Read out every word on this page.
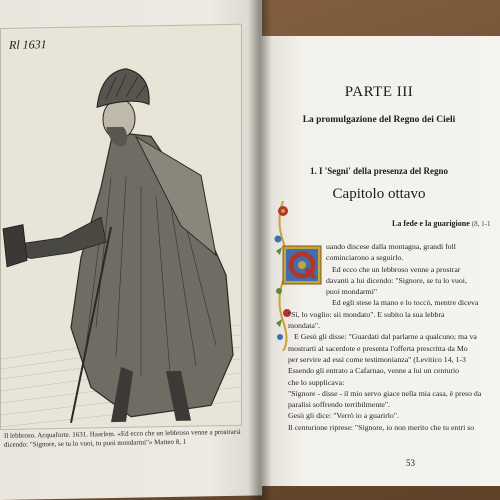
Rl 1631
Il lebbroso. Acquaforte. 1631. Haarlem. «Ed ecco che un lebbroso venne a prostrarsi
dicendo: "Signore, se tu lo vuoi, tu puoi mondarmi"» Matteo 8, 1
PARTE III
La promulgazione del Regno dei Cieli
1. I 'Segni' della presenza del Regno
Capitolo ottavo
La fede e la guarigione (8, 1-1
Q	uando discese dalla montagna, grandi foll
cominciarono a seguirlo.
Ed ecco che un lebbroso venne a prostrar
davanti a lui dicendo: "Signore, se tu lo vuoi,
puoi mondarmi"
Ed egli stese la mano e lo toccò, mentre diceva
"Sì, lo voglio: sii mondato". E subito la sua lebbra
mondata".
E Gesù gli disse: "Guardati dal parlarne a qualcuno; ma va
mostrarti al sacerdote e presenta l'offerta prescritta da Mo
per servire ad essi come testimonianza" (Levitico 14, 1-3
Essendo gli entrato a Cafarnao, venne a lui un centurio
che lo supplicava:
"Signore - disse - il mio servo giace nella mia casa, è preso da
paralisi soffrendo terribilmente".
Gesù gli dice: "Verrò io a guarirlo".
Il centurione riprese: "Signore, io non merito che tu entri so
53
